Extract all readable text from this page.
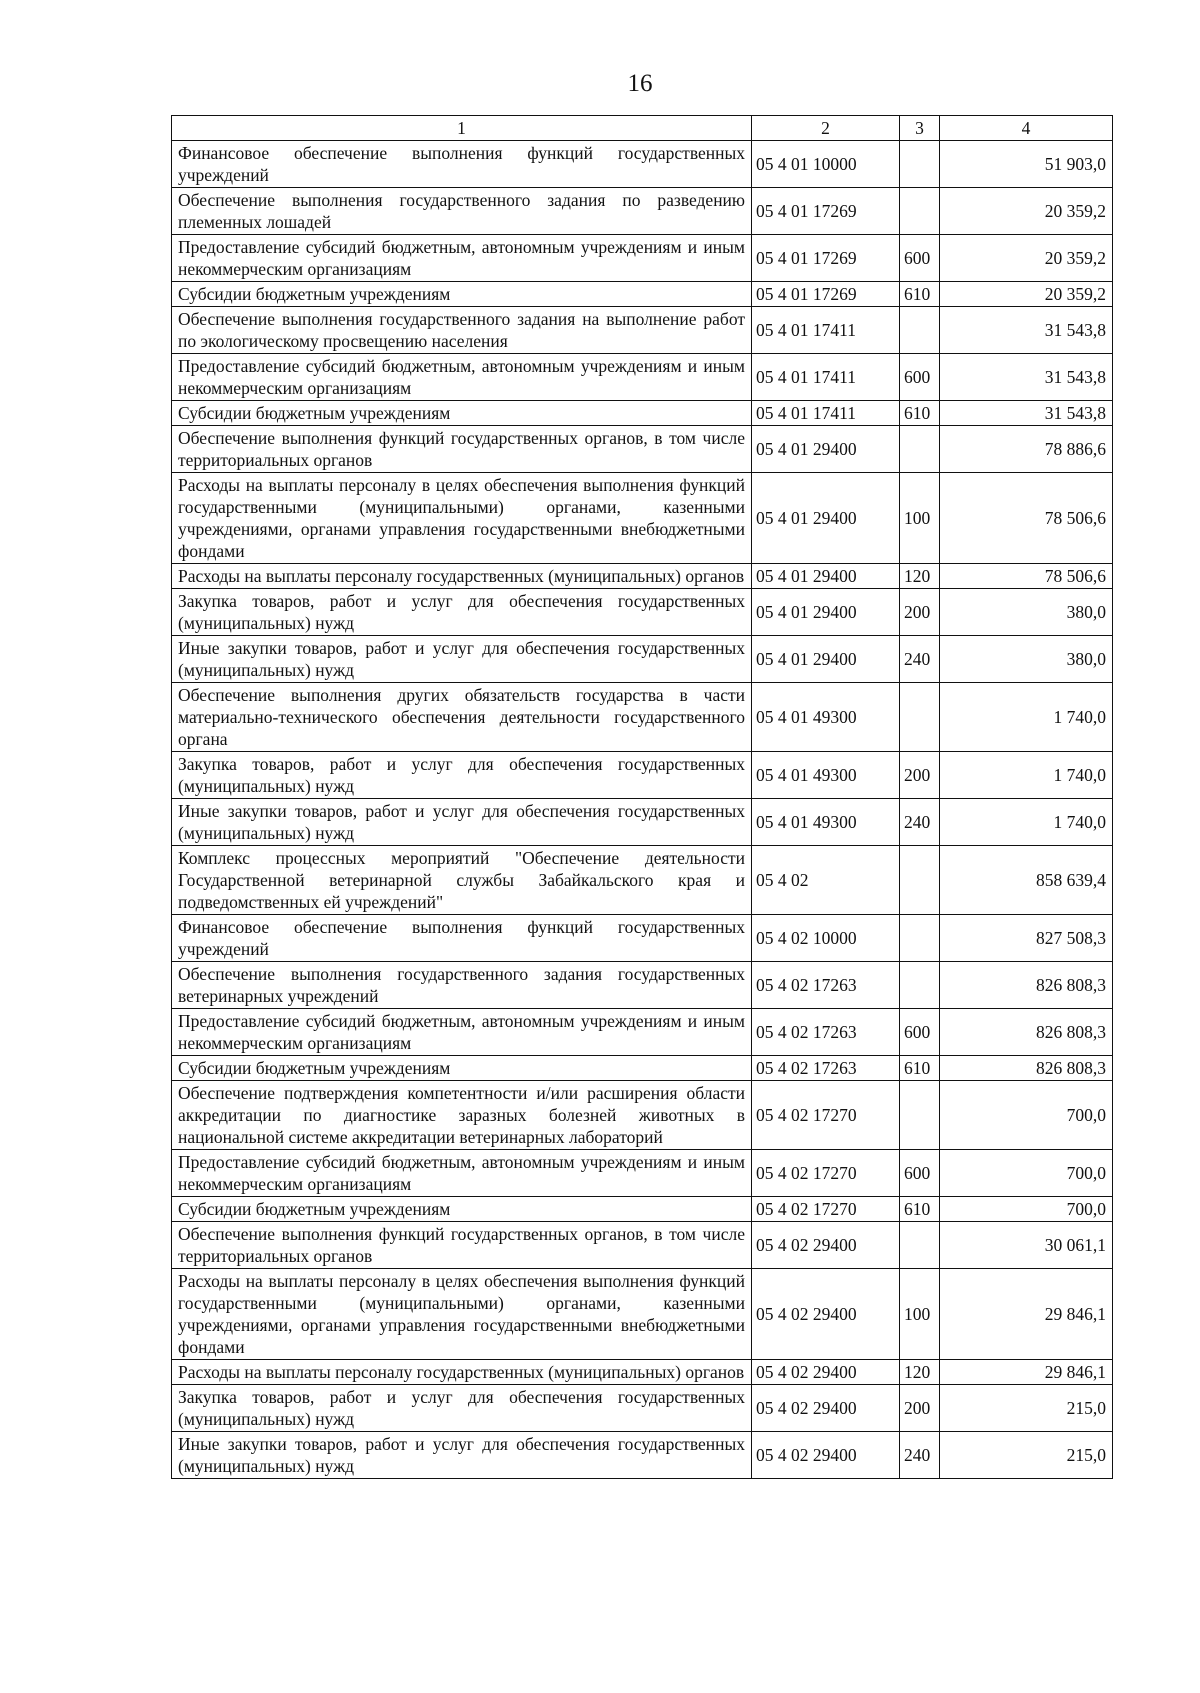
16
1	2	3	4
Финансовое обеспечение выполнения функций государственных учреждений	05 4 01 10000		51 903,0
Обеспечение выполнения государственного задания по разведению племенных лошадей	05 4 01 17269		20 359,2
Предоставление субсидий бюджетным, автономным учреждениям и иным некоммерческим организациям	05 4 01 17269	600	20 359,2
Субсидии бюджетным учреждениям	05 4 01 17269	610	20 359,2
Обеспечение выполнения государственного задания на выполнение работ по экологическому просвещению населения	05 4 01 17411		31 543,8
Предоставление субсидий бюджетным, автономным учреждениям и иным некоммерческим организациям	05 4 01 17411	600	31 543,8
Субсидии бюджетным учреждениям	05 4 01 17411	610	31 543,8
Обеспечение выполнения функций государственных органов, в том числе территориальных органов	05 4 01 29400		78 886,6
Расходы на выплаты персоналу в целях обеспечения выполнения функций государственными (муниципальными) органами, казенными учреждениями, органами управления государственными внебюджетными фондами	05 4 01 29400	100	78 506,6
Расходы на выплаты персоналу государственных (муниципальных) органов	05 4 01 29400	120	78 506,6
Закупка товаров, работ и услуг для обеспечения государственных (муниципальных) нужд	05 4 01 29400	200	380,0
Иные закупки товаров, работ и услуг для обеспечения государственных (муниципальных) нужд	05 4 01 29400	240	380,0
Обеспечение выполнения других обязательств государства в части материально-технического обеспечения деятельности государственного органа	05 4 01 49300		1 740,0
Закупка товаров, работ и услуг для обеспечения государственных (муниципальных) нужд	05 4 01 49300	200	1 740,0
Иные закупки товаров, работ и услуг для обеспечения государственных (муниципальных) нужд	05 4 01 49300	240	1 740,0
Комплекс процессных мероприятий "Обеспечение деятельности Государственной ветеринарной службы Забайкальского края и подведомственных ей учреждений"	05 4 02		858 639,4
Финансовое обеспечение выполнения функций государственных учреждений	05 4 02 10000		827 508,3
Обеспечение выполнения государственного задания государственных ветеринарных учреждений	05 4 02 17263		826 808,3
Предоставление субсидий бюджетным, автономным учреждениям и иным некоммерческим организациям	05 4 02 17263	600	826 808,3
Субсидии бюджетным учреждениям	05 4 02 17263	610	826 808,3
Обеспечение подтверждения компетентности и/или расширения области аккредитации по диагностике заразных болезней животных в национальной системе аккредитации ветеринарных лабораторий	05 4 02 17270		700,0
Предоставление субсидий бюджетным, автономным учреждениям и иным некоммерческим организациям	05 4 02 17270	600	700,0
Субсидии бюджетным учреждениям	05 4 02 17270	610	700,0
Обеспечение выполнения функций государственных органов, в том числе территориальных органов	05 4 02 29400		30 061,1
Расходы на выплаты персоналу в целях обеспечения выполнения функций государственными (муниципальными) органами, казенными учреждениями, органами управления государственными внебюджетными фондами	05 4 02 29400	100	29 846,1
Расходы на выплаты персоналу государственных (муниципальных) органов	05 4 02 29400	120	29 846,1
Закупка товаров, работ и услуг для обеспечения государственных (муниципальных) нужд	05 4 02 29400	200	215,0
Иные закупки товаров, работ и услуг для обеспечения государственных (муниципальных) нужд	05 4 02 29400	240	215,0
